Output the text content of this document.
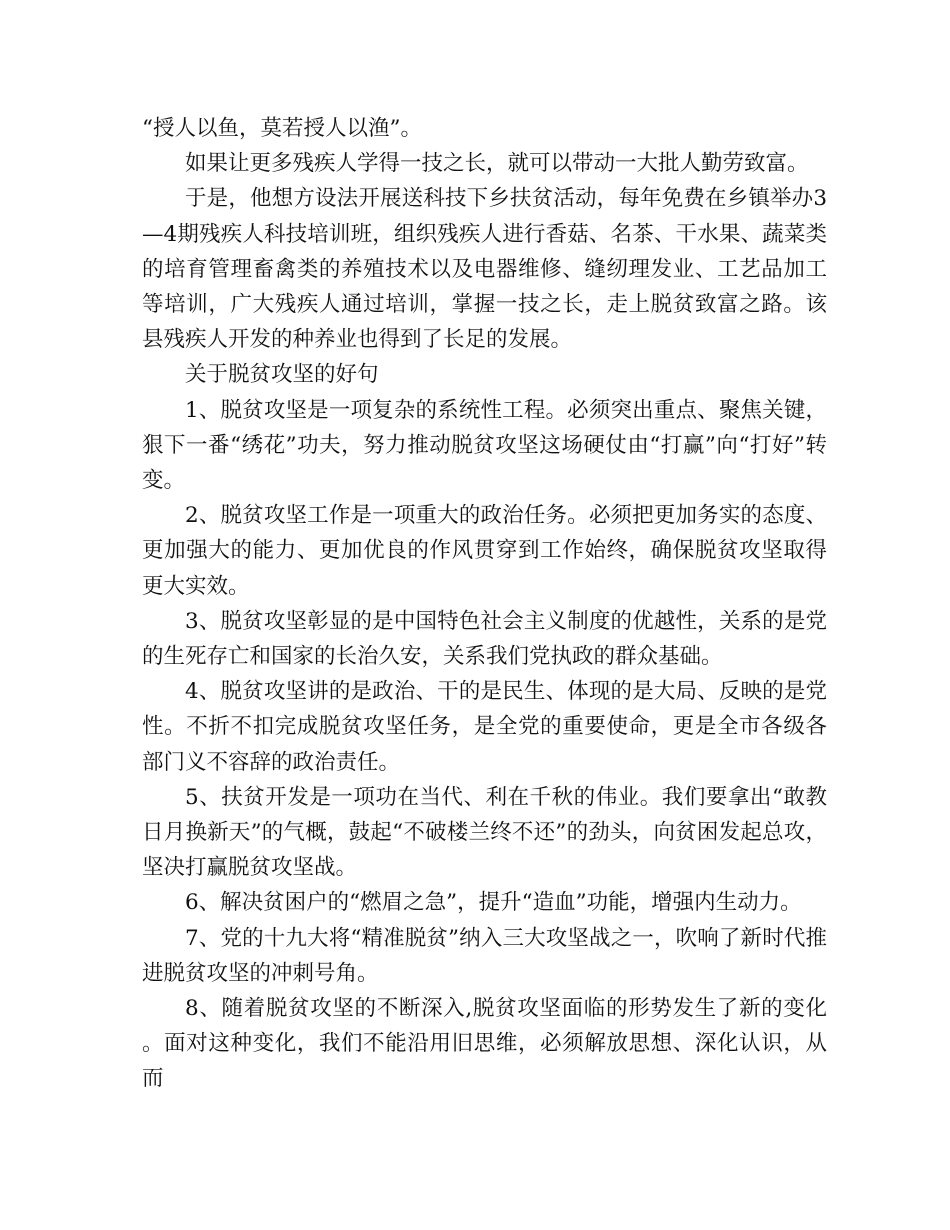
“授人以鱼，莫若授人以渔”。

如果让更多残疾人学得一技之长，就可以带动一大批人勤劳致富。

于是，他想方设法开展送科技下乡扶贫活动，每年免费在乡镇举办3—4期残疾人科技培训班，组织残疾人进行香菇、名茶、干水果、蔬菜类的培育管理畜禽类的养殖技术以及电器维修、缝纫理发业、工艺品加工等培训，广大残疾人通过培训，掌握一技之长，走上脱贫致富之路。该县残疾人开发的种养业也得到了长足的发展。

关于脱贫攻坚的好句

1、脱贫攻坚是一项复杂的系统性工程。必须突出重点、聚焦关键，狠下一番“绣花”功夫，努力推动脱贫攻坚这场硬仗由“打赢”向“打好”转变。

2、脱贫攻坚工作是一项重大的政治任务。必须把更加务实的态度、更加强大的能力、更加优良的作风贯穿到工作始终，确保脱贫攻坚取得更大实效。

3、脱贫攻坚彰显的是中国特色社会主义制度的优越性，关系的是党的生死存亡和国家的长治久安，关系我们党执政的群众基础。

4、脱贫攻坚讲的是政治、干的是民生、体现的是大局、反映的是党性。不折不扣完成脱贫攻坚任务，是全党的重要使命，更是全市各级各部门义不容辞的政治责任。

5、扶贫开发是一项功在当代、利在千秋的伟业。我们要拿出“敢教日月换新天”的气概，鼓起“不破楼兰终不还”的劲头，向贫困发起总攻，坚决打赢脱贫攻坚战。

6、解决贫困户的“燃眉之急”，提升“造血”功能，增强内生动力。

7、党的十九大将“精准脱贫”纳入三大攻坚战之一，吹响了新时代推进脱贫攻坚的冲刺号角。

8、随着脱贫攻坚的不断深入,脱贫攻坚面临的形势发生了新的变化。面对这种变化，我们不能沿用旧思维，必须解放思想、深化认识，从而
